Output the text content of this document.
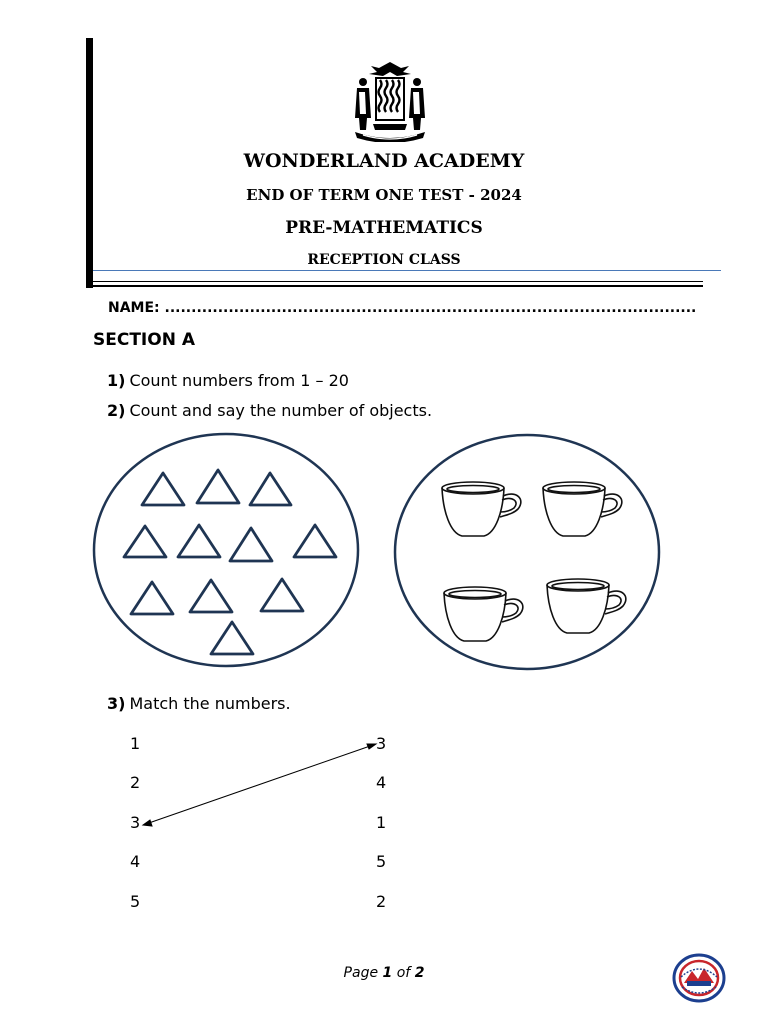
WONDERLAND ACADEMY
END OF TERM ONE TEST - 2024
PRE-MATHEMATICS
RECEPTION CLASS
NAME: ....................................................................................................
SECTION A
1) Count numbers from 1 – 20
2) Count and say the number of objects.
3) Match the numbers.
1
2
3
4
5
3
4
1
5
2
Page 1 of 2
